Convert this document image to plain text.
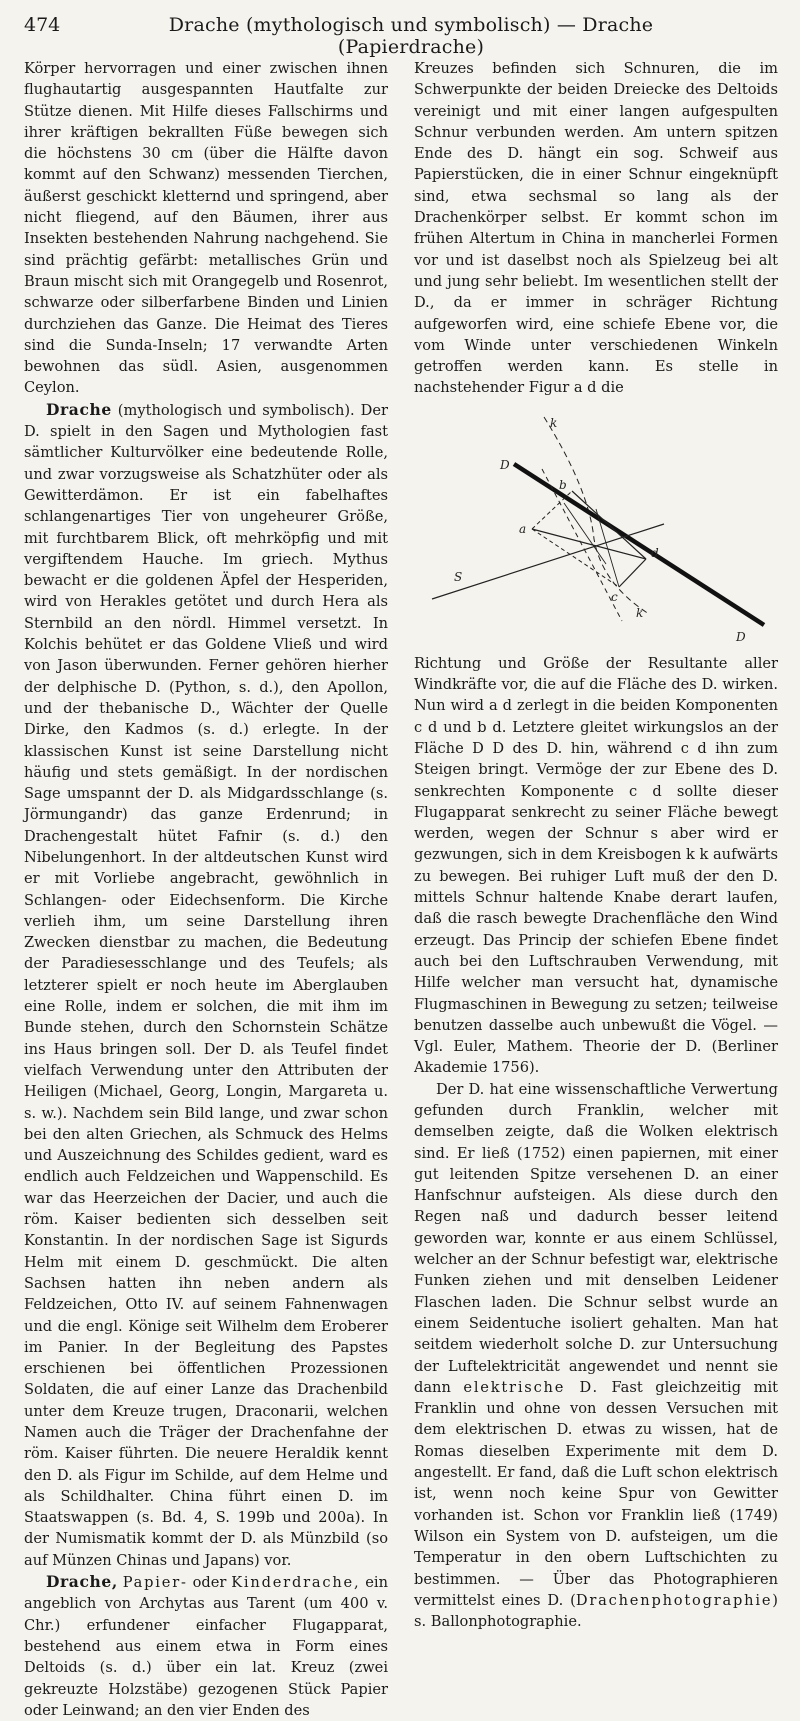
474	Drache (mythologisch und symbolisch) — Drache (Papierdrache)

Körper hervorragen und einer zwischen ihnen flughautartig ausgespannten Hautfalte zur Stütze dienen. Mit Hilfe dieses Fallschirms und ihrer kräftigen bekrallten Füße bewegen sich die höchstens 30 cm (über die Hälfte davon kommt auf den Schwanz) messenden Tierchen, äußerst geschickt kletternd und springend, aber nicht fliegend, auf den Bäumen, ihrer aus Insekten bestehenden Nahrung nachgehend. Sie sind prächtig gefärbt: metallisches Grün und Braun mischt sich mit Orangegelb und Rosenrot, schwarze oder silberfarbene Binden und Linien durchziehen das Ganze. Die Heimat des Tieres sind die Sunda-Inseln; 17 verwandte Arten bewohnen das südl. Asien, ausgenommen Ceylon.

Drache (mythologisch und symbolisch). Der D. spielt in den Sagen und Mythologien fast sämtlicher Kulturvölker eine bedeutende Rolle, und zwar vorzugsweise als Schatzhüter oder als Gewitterdämon. Er ist ein fabelhaftes schlangenartiges Tier von ungeheurer Größe, mit furchtbarem Blick, oft mehrköpfig und mit vergiftendem Hauche. Im griech. Mythus bewacht er die goldenen Äpfel der Hesperiden, wird von Herakles getötet und durch Hera als Sternbild an den nördl. Himmel versetzt. In Kolchis behütet er das Goldene Vließ und wird von Jason überwunden. Ferner gehören hierher der delphische D. (Python, s. d.), den Apollon, und der thebanische D., Wächter der Quelle Dirke, den Kadmos (s. d.) erlegte. In der klassischen Kunst ist seine Darstellung nicht häufig und stets gemäßigt. In der nordischen Sage umspannt der D. als Midgardsschlange (s. Jörmungandr) das ganze Erdenrund; in Drachengestalt hütet Fafnir (s. d.) den Nibelungenhort. In der altdeutschen Kunst wird er mit Vorliebe angebracht, gewöhnlich in Schlangen- oder Eidechsenform. Die Kirche verlieh ihm, um seine Darstellung ihren Zwecken dienstbar zu machen, die Bedeutung der Paradiesesschlange und des Teufels; als letzterer spielt er noch heute im Aberglauben eine Rolle, indem er solchen, die mit ihm im Bunde stehen, durch den Schornstein Schätze ins Haus bringen soll. Der D. als Teufel findet vielfach Verwendung unter den Attributen der Heiligen (Michael, Georg, Longin, Margareta u. s. w.). Nachdem sein Bild lange, und zwar schon bei den alten Griechen, als Schmuck des Helms und Auszeichnung des Schildes gedient, ward es endlich auch Feldzeichen und Wappenschild. Es war das Heerzeichen der Dacier, und auch die röm. Kaiser bedienten sich desselben seit Konstantin. In der nordischen Sage ist Sigurds Helm mit einem D. geschmückt. Die alten Sachsen hatten ihn neben andern als Feldzeichen, Otto IV. auf seinem Fahnenwagen und die engl. Könige seit Wilhelm dem Eroberer im Panier. In der Begleitung des Papstes erschienen bei öffentlichen Prozessionen Soldaten, die auf einer Lanze das Drachenbild unter dem Kreuze trugen, Draconarii, welchen Namen auch die Träger der Drachenfahne der röm. Kaiser führten. Die neuere Heraldik kennt den D. als Figur im Schilde, auf dem Helme und als Schildhalter. China führt einen D. im Staatswappen (s. Bd. 4, S. 199b und 200a). In der Numismatik kommt der D. als Münzbild (so auf Münzen Chinas und Japans) vor.

Drache, Papier- oder Kinderdrache, ein angeblich von Archytas aus Tarent (um 400 v. Chr.) erfundener einfacher Flugapparat, bestehend aus einem etwa in Form eines Deltoids (s. d.) über ein lat. Kreuz (zwei gekreuzte Holzstäbe) gezogenen Stück Papier oder Leinwand; an den vier Enden des

Kreuzes befinden sich Schnuren, die im Schwerpunkte der beiden Dreiecke des Deltoids vereinigt und mit einer langen aufgespulten Schnur verbunden werden. Am untern spitzen Ende des D. hängt ein sog. Schweif aus Papierstücken, die in einer Schnur eingeknüpft sind, etwa sechsmal so lang als der Drachenkörper selbst. Er kommt schon im frühen Altertum in China in mancherlei Formen vor und ist daselbst noch als Spielzeug bei alt und jung sehr beliebt. Im wesentlichen stellt der D., da er immer in schräger Richtung aufgeworfen wird, eine schiefe Ebene vor, die vom Winde unter verschiedenen Winkeln getroffen werden kann. Es stelle in nachstehender Figur a d die

k
D
b
a
d
S
c
k
D

Richtung und Größe der Resultante aller Windkräfte vor, die auf die Fläche des D. wirken. Nun wird a d zerlegt in die beiden Komponenten c d und b d. Letztere gleitet wirkungslos an der Fläche D D des D. hin, während c d ihn zum Steigen bringt. Vermöge der zur Ebene des D. senkrechten Komponente c d sollte dieser Flugapparat senkrecht zu seiner Fläche bewegt werden, wegen der Schnur s aber wird er gezwungen, sich in dem Kreisbogen k k aufwärts zu bewegen. Bei ruhiger Luft muß der den D. mittels Schnur haltende Knabe derart laufen, daß die rasch bewegte Drachenfläche den Wind erzeugt. Das Princip der schiefen Ebene findet auch bei den Luftschrauben Verwendung, mit Hilfe welcher man versucht hat, dynamische Flugmaschinen in Bewegung zu setzen; teilweise benutzen dasselbe auch unbewußt die Vögel. — Vgl. Euler, Mathem. Theorie der D. (Berliner Akademie 1756).

Der D. hat eine wissenschaftliche Verwertung gefunden durch Franklin, welcher mit demselben zeigte, daß die Wolken elektrisch sind. Er ließ (1752) einen papiernen, mit einer gut leitenden Spitze versehenen D. an einer Hanfschnur aufsteigen. Als diese durch den Regen naß und dadurch besser leitend geworden war, konnte er aus einem Schlüssel, welcher an der Schnur befestigt war, elektrische Funken ziehen und mit denselben Leidener Flaschen laden. Die Schnur selbst wurde an einem Seidentuche isoliert gehalten. Man hat seitdem wiederholt solche D. zur Untersuchung der Luftelektricität angewendet und nennt sie dann elektrische D. Fast gleichzeitig mit Franklin und ohne von dessen Versuchen mit dem elektrischen D. etwas zu wissen, hat de Romas dieselben Experimente mit dem D. angestellt. Er fand, daß die Luft schon elektrisch ist, wenn noch keine Spur von Gewitter vorhanden ist. Schon vor Franklin ließ (1749) Wilson ein System von D. aufsteigen, um die Temperatur in den obern Luftschichten zu bestimmen. — Über das Photographieren vermittelst eines D. (Drachenphotographie) s. Ballonphotographie.
